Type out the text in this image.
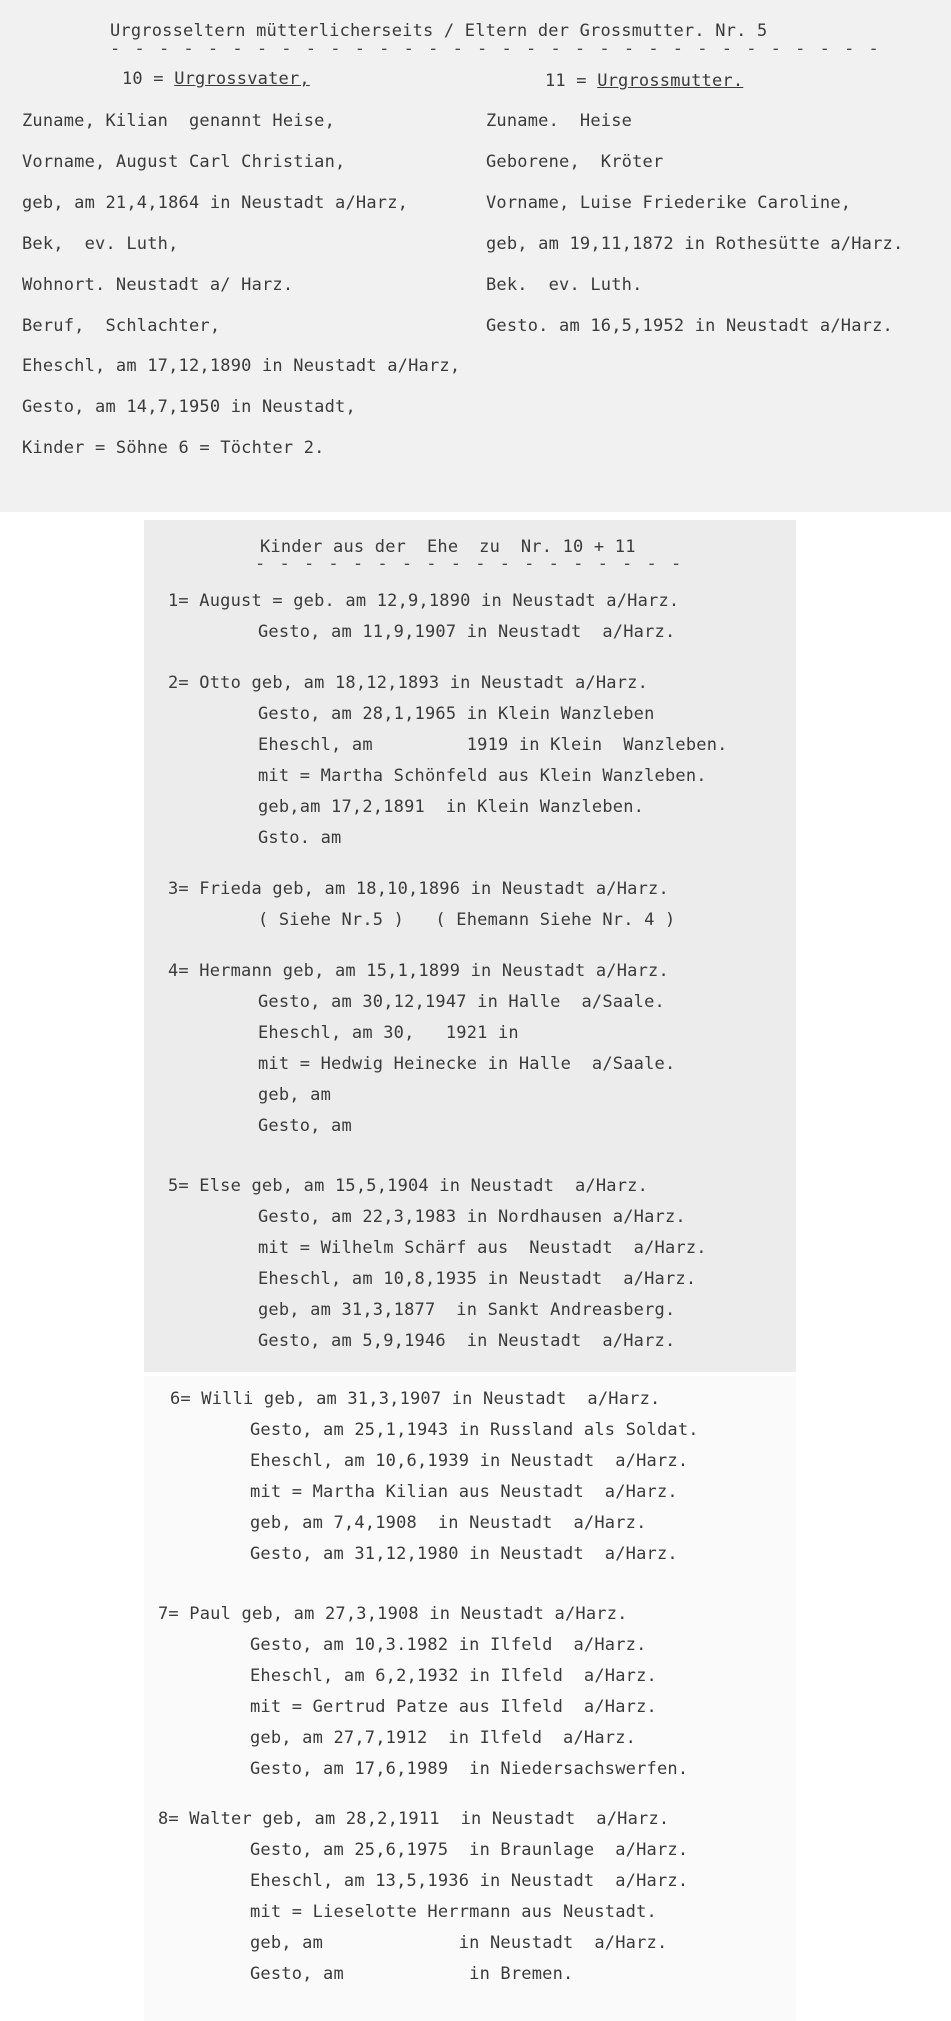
Urgrosseltern mütterlicherseits / Eltern der Grossmutter. Nr. 5
- - - - - - - - - - - - - - - - - - - - - - - - - - - - - - - -
10 = Urgrossvater,
Zuname, Kilian  genannt Heise,
Vorname, August Carl Christian,
geb, am 21,4,1864 in Neustadt a/Harz,
Bek,  ev. Luth,
Wohnort. Neustadt a/ Harz.
Beruf,  Schlachter,
Eheschl, am 17,12,1890 in Neustadt a/Harz,
Gesto, am 14,7,1950 in Neustadt,
Kinder = Söhne 6 = Töchter 2.
11 = Urgrossmutter.
Zuname.  Heise
Geborene,  Kröter
Vorname, Luise Friederike Caroline,
geb, am 19,11,1872 in Rothesütte a/Harz.
Bek.  ev. Luth.
Gesto. am 16,5,1952 in Neustadt a/Harz.
Kinder aus der  Ehe  zu  Nr. 10 + 11
- - - - - - - - - - - - - - - - - -
1= August = geb. am 12,9,1890 in Neustadt a/Harz.
Gesto, am 11,9,1907 in Neustadt  a/Harz.
2= Otto geb, am 18,12,1893 in Neustadt a/Harz.
Gesto, am 28,1,1965 in Klein Wanzleben
Eheschl, am         1919 in Klein  Wanzleben.
mit = Martha Schönfeld aus Klein Wanzleben.
geb,am 17,2,1891  in Klein Wanzleben.
Gsto. am
3= Frieda geb, am 18,10,1896 in Neustadt a/Harz.
( Siehe Nr.5 )   ( Ehemann Siehe Nr. 4 )
4= Hermann geb, am 15,1,1899 in Neustadt a/Harz.
Gesto, am 30,12,1947 in Halle  a/Saale.
Eheschl, am 30,   1921 in
mit = Hedwig Heinecke in Halle  a/Saale.
geb, am
Gesto, am
5= Else geb, am 15,5,1904 in Neustadt  a/Harz.
Gesto, am 22,3,1983 in Nordhausen a/Harz.
mit = Wilhelm Schärf aus  Neustadt  a/Harz.
Eheschl, am 10,8,1935 in Neustadt  a/Harz.
geb, am 31,3,1877  in Sankt Andreasberg.
Gesto, am 5,9,1946  in Neustadt  a/Harz.
6= Willi geb, am 31,3,1907 in Neustadt  a/Harz.
Gesto, am 25,1,1943 in Russland als Soldat.
Eheschl, am 10,6,1939 in Neustadt  a/Harz.
mit = Martha Kilian aus Neustadt  a/Harz.
geb, am 7,4,1908  in Neustadt  a/Harz.
Gesto, am 31,12,1980 in Neustadt  a/Harz.
7= Paul geb, am 27,3,1908 in Neustadt a/Harz.
Gesto, am 10,3.1982 in Ilfeld  a/Harz.
Eheschl, am 6,2,1932 in Ilfeld  a/Harz.
mit = Gertrud Patze aus Ilfeld  a/Harz.
geb, am 27,7,1912  in Ilfeld  a/Harz.
Gesto, am 17,6,1989  in Niedersachswerfen.
8= Walter geb, am 28,2,1911  in Neustadt  a/Harz.
Gesto, am 25,6,1975  in Braunlage  a/Harz.
Eheschl, am 13,5,1936 in Neustadt  a/Harz.
mit = Lieselotte Herrmann aus Neustadt.
geb, am             in Neustadt  a/Harz.
Gesto, am            in Bremen.
